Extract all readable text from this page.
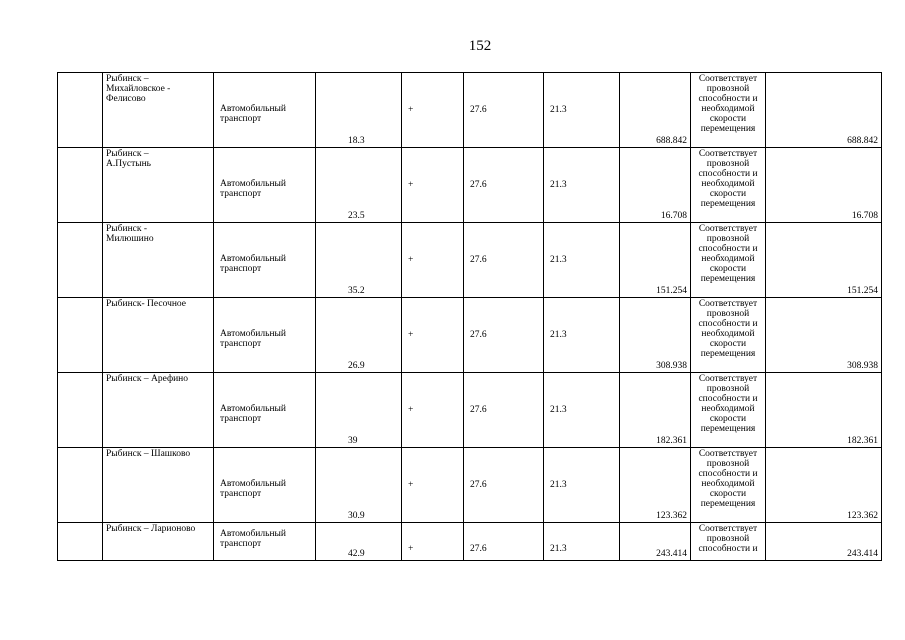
152
	Рыбинск –
Михайловское -
Фелисово	Автомобильный транспорт	18.3	+	27.6	21.3	688.842	Соответствует провозной способности и необходимой скорости перемещения	688.842
	Рыбинск –
А.Пустынь	Автомобильный транспорт	23.5	+	27.6	21.3	16.708	Соответствует провозной способности и необходимой скорости перемещения	16.708
	Рыбинск -
Милюшино	Автомобильный транспорт	35.2	+	27.6	21.3	151.254	Соответствует провозной способности и необходимой скорости перемещения	151.254
	Рыбинск- Песочное	Автомобильный транспорт	26.9	+	27.6	21.3	308.938	Соответствует провозной способности и необходимой скорости перемещения	308.938
	Рыбинск – Арефино	Автомобильный транспорт	39	+	27.6	21.3	182.361	Соответствует провозной способности и необходимой скорости перемещения	182.361
	Рыбинск – Шашково	Автомобильный транспорт	30.9	+	27.6	21.3	123.362	Соответствует провозной способности и необходимой скорости перемещения	123.362
	Рыбинск – Ларионово	Автомобильный транспорт	42.9	+	27.6	21.3	243.414	Соответствует провозной способности и	243.414
